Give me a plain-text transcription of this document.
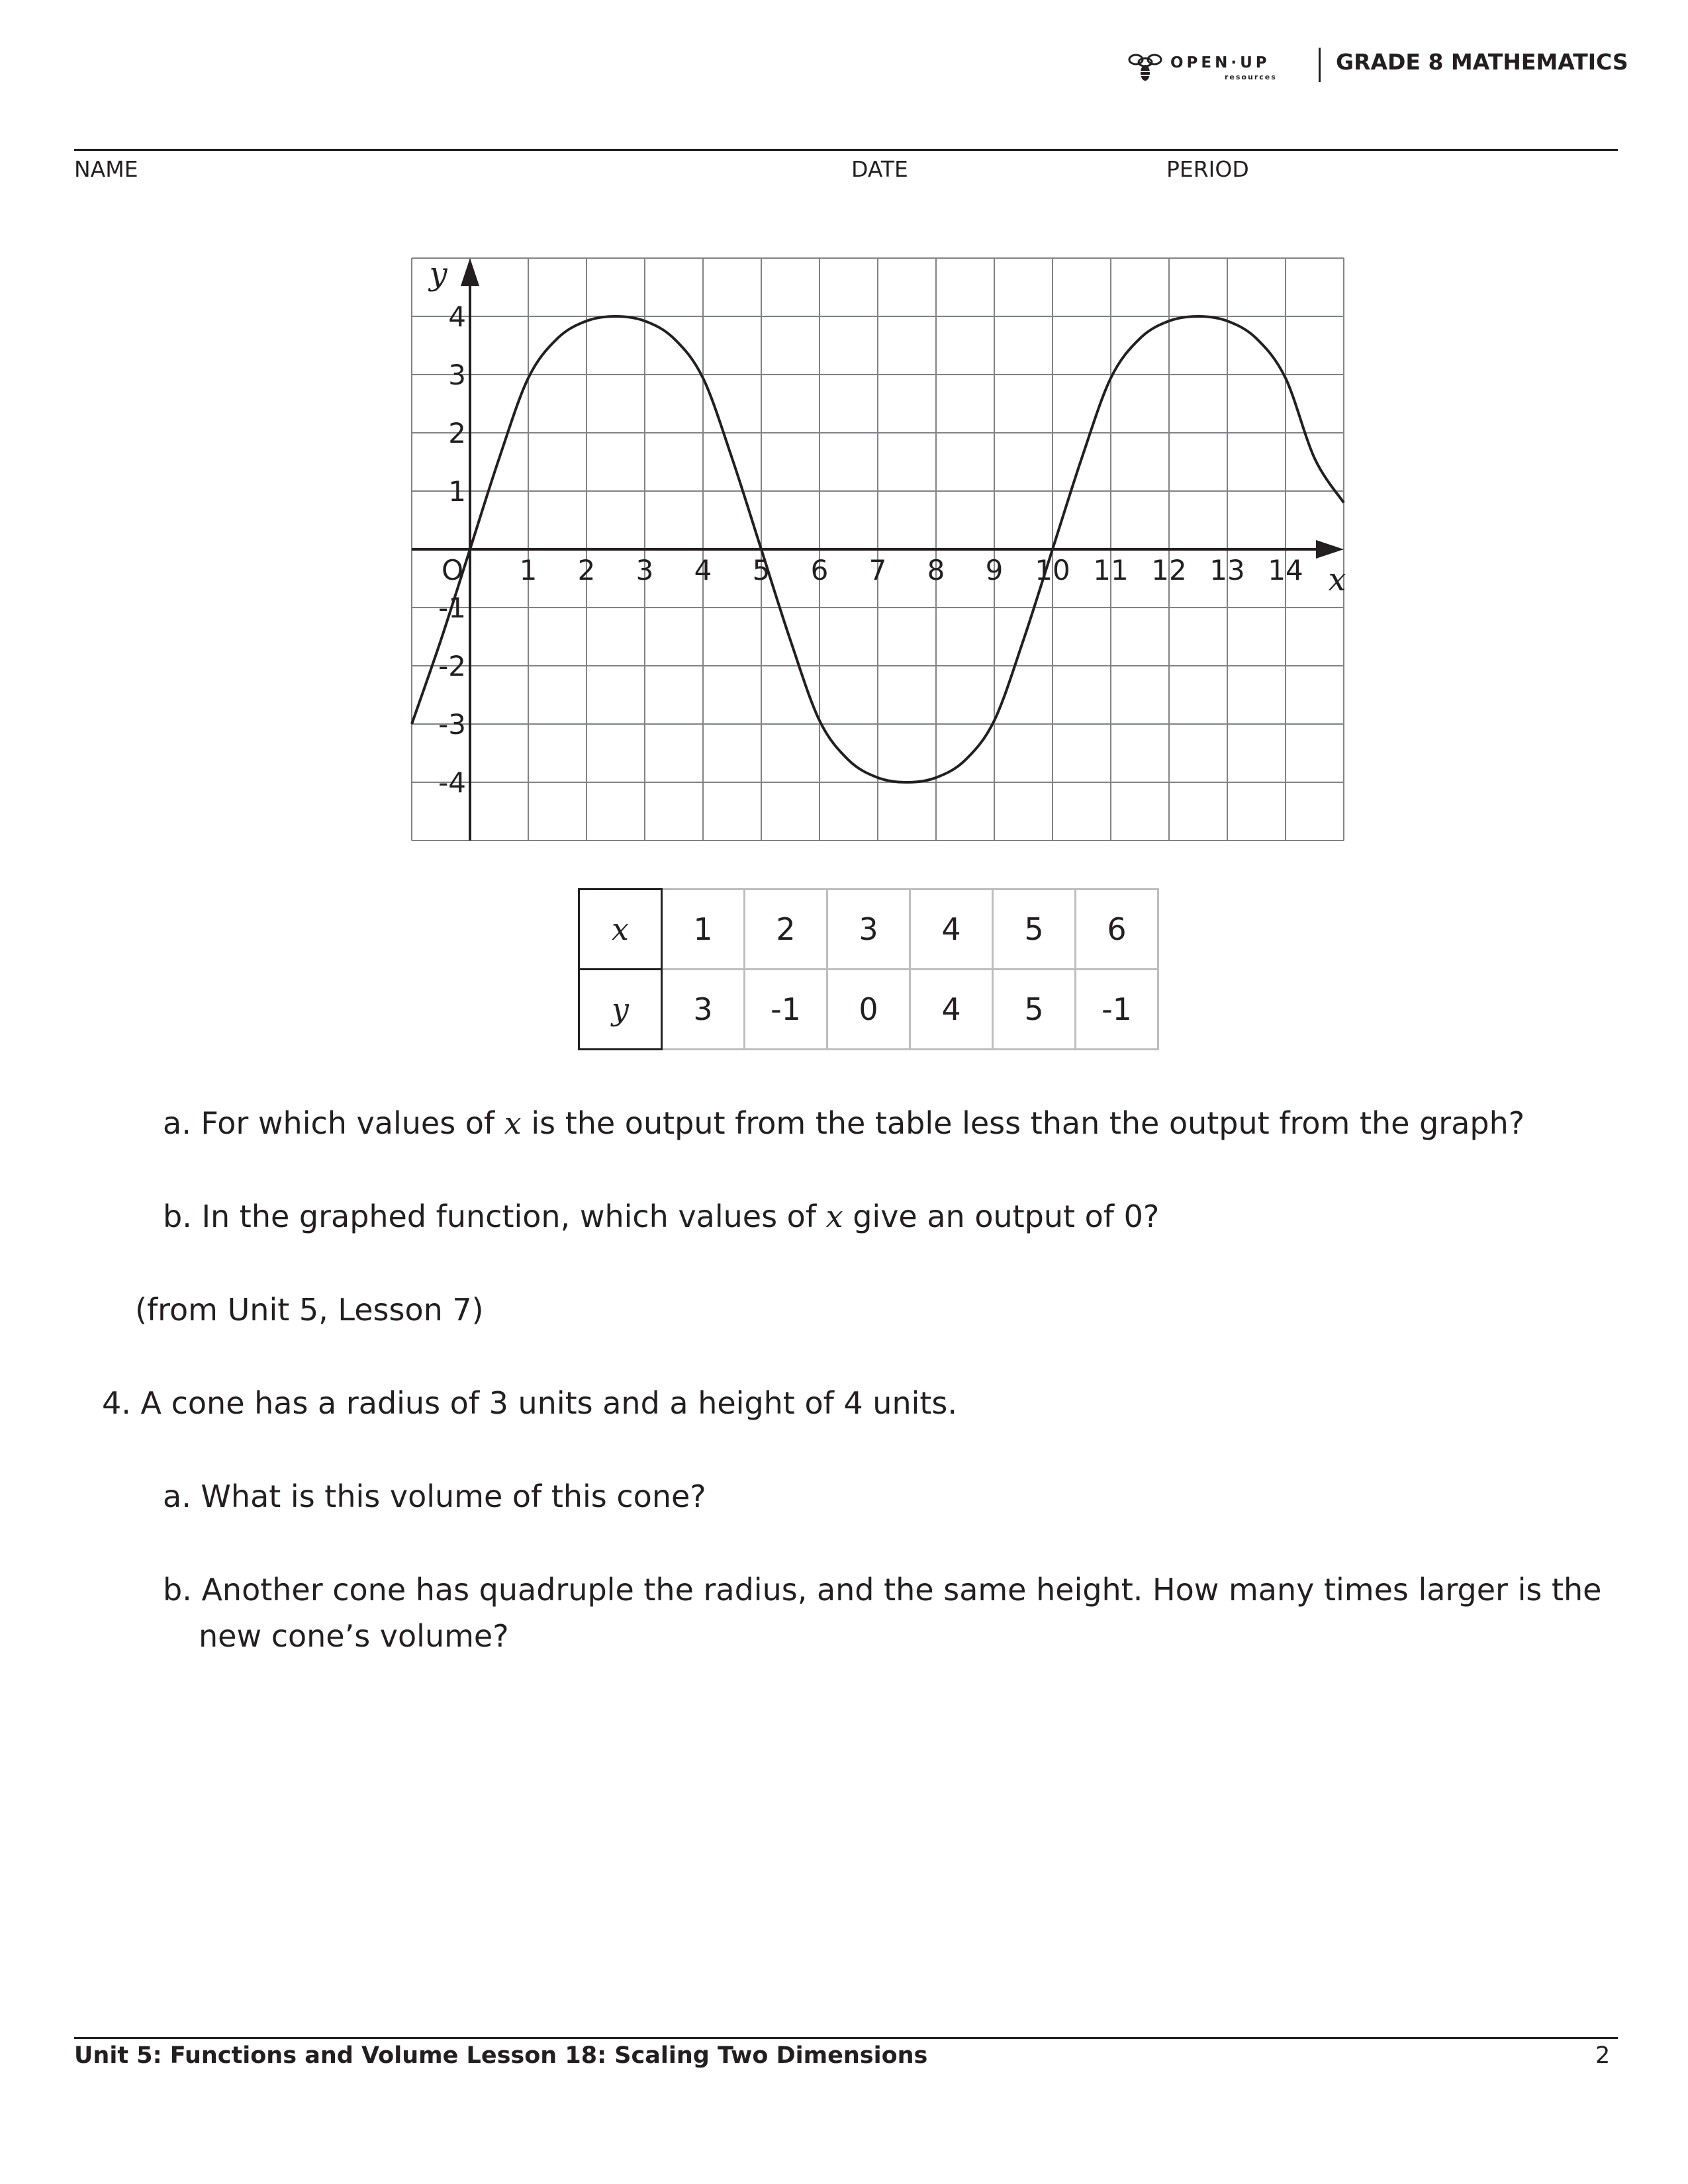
OPEN·UP
resources
GRADE 8 MATHEMATICS
NAME	DATE	PERIOD
1 2 3 4 5 6 7 8 9 10 11 12 13 14
-4
-3
-2
-1
1
2
3
4
O	x
y
x	1	2	3	4	5	6
y	3	-1	0	4	5	-1
a. For which values of x is the output from the table less than the output from the graph?
b. In the graphed function, which values of x give an output of 0?
(from Unit 5, Lesson 7)
4. A cone has a radius of 3 units and a height of 4 units.
a. What is this volume of this cone?
b. Another cone has quadruple the radius, and the same height. How many times larger is the
new cone’s volume?
Unit 5: Functions and Volume Lesson 18: Scaling Two Dimensions	2
